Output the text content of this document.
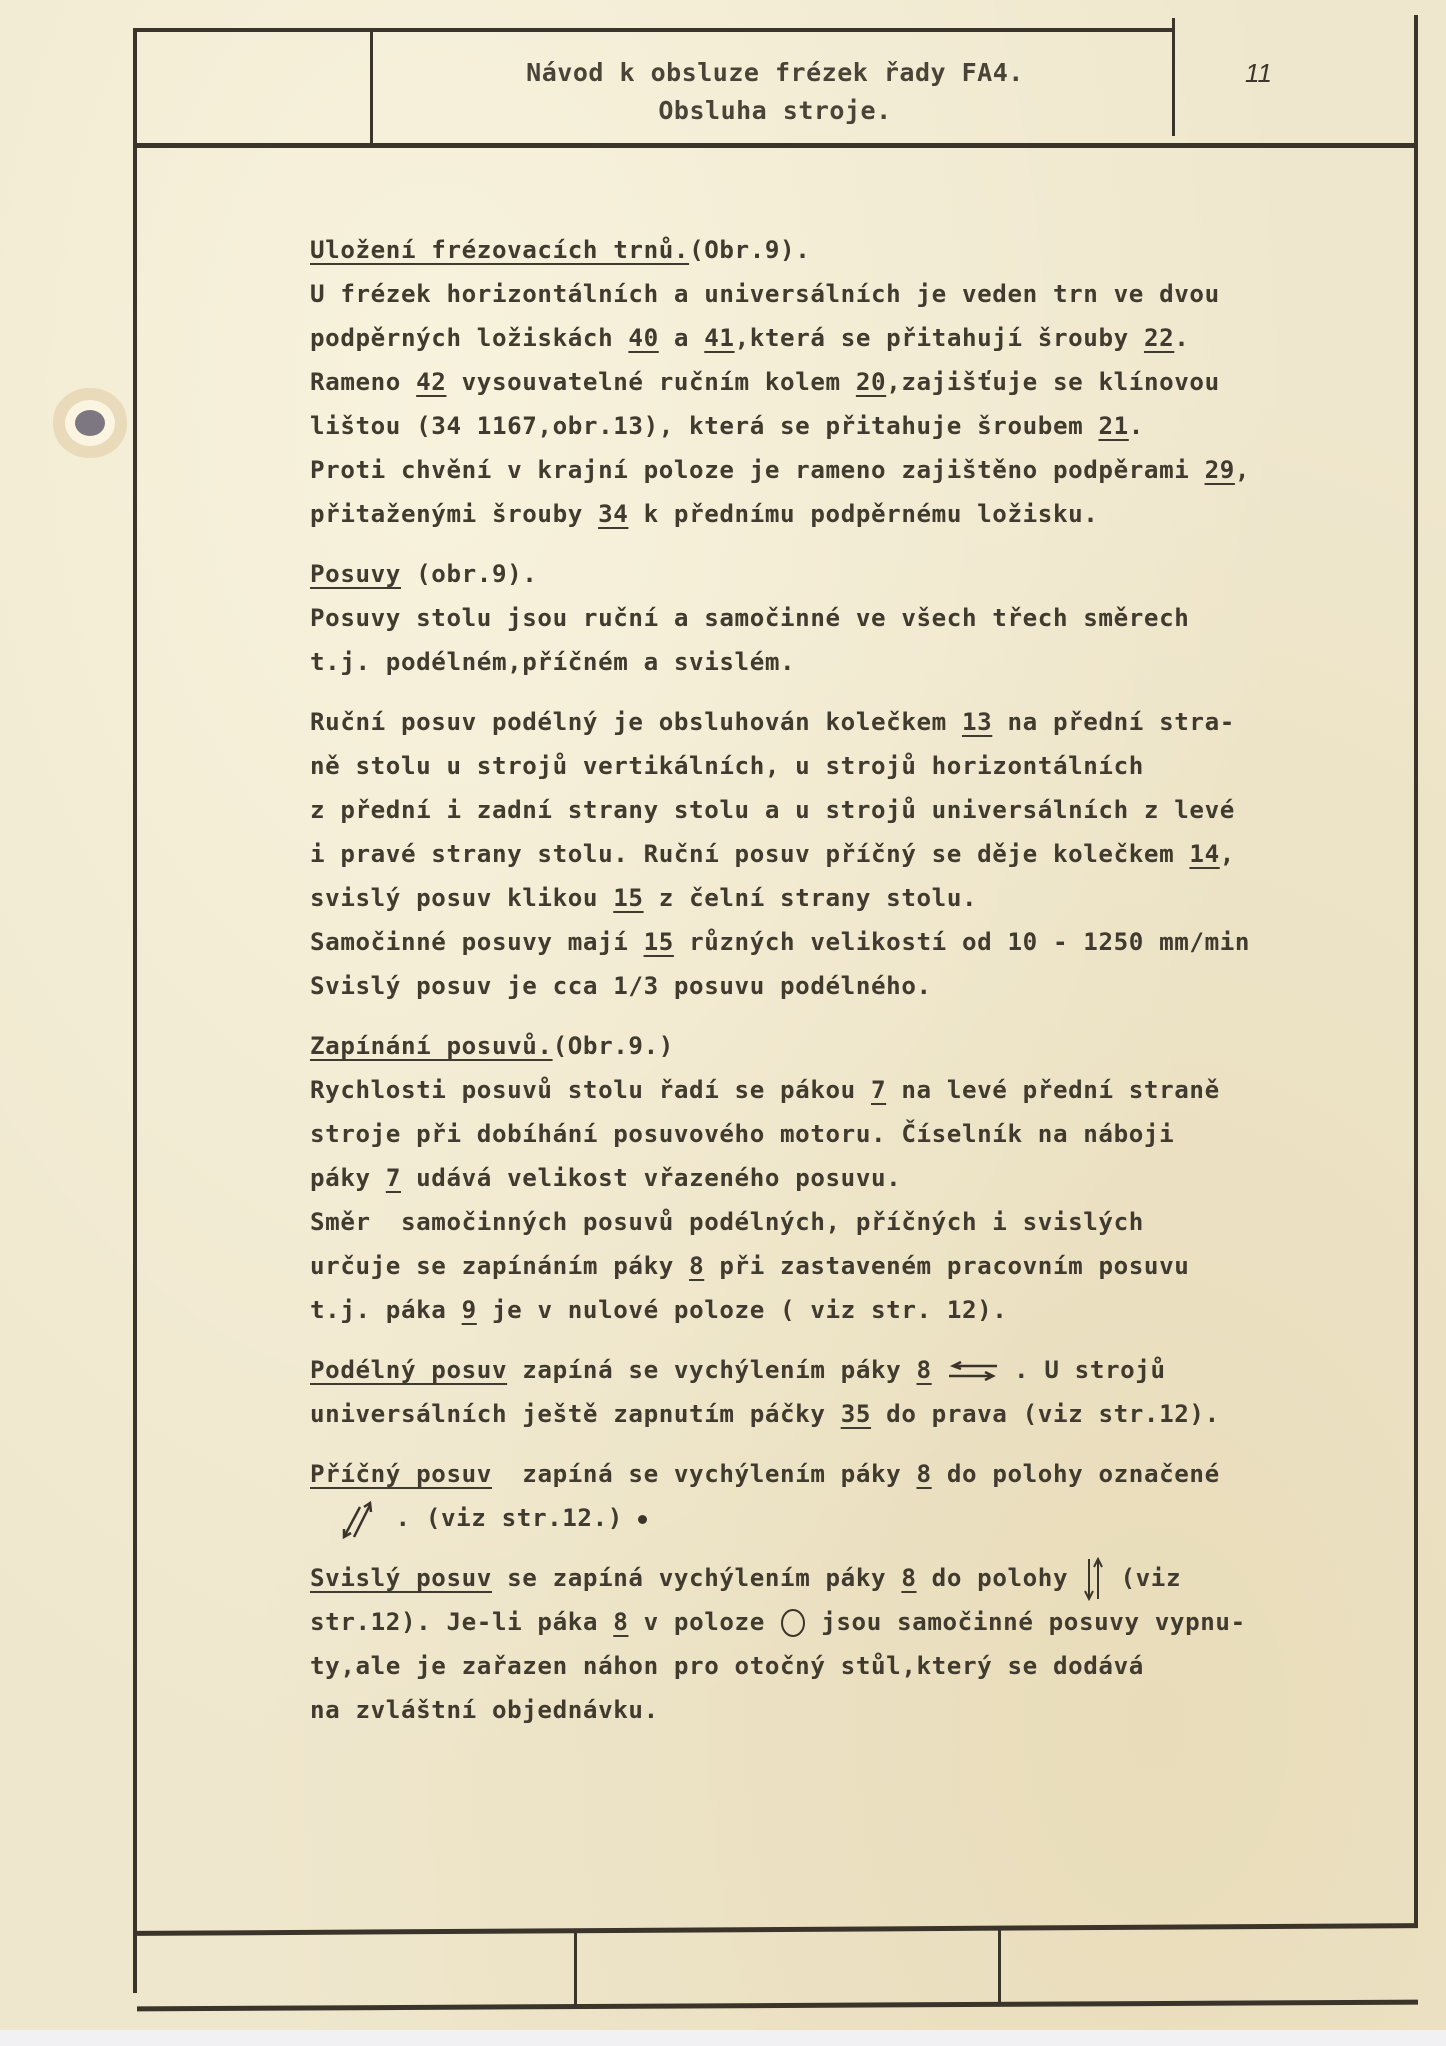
Návod k obsluze frézek řady FA4.
Obsluha stroje.
11
Uložení frézovacích trnů.(Obr.9).
U frézek horizontálních a universálních je veden trn ve dvou
podpěrných ložiskách 40 a 41,která se přitahují šrouby 22.
Rameno 42 vysouvatelné ručním kolem 20,zajišťuje se klínovou
lištou (34 1167,obr.13), která se přitahuje šroubem 21.
Proti chvění v krajní poloze je rameno zajištěno podpěrami 29,
přitaženými šrouby 34 k přednímu podpěrnému ložisku.
Posuvy (obr.9).
Posuvy stolu jsou ruční a samočinné ve všech třech směrech
t.j. podélném,příčném a svislém.
Ruční posuv podélný je obsluhován kolečkem 13 na přední stra-
ně stolu u strojů vertikálních, u strojů horizontálních
z přední i zadní strany stolu a u strojů universálních z levé
i pravé strany stolu. Ruční posuv příčný se děje kolečkem 14,
svislý posuv klikou 15 z čelní strany stolu.
Samočinné posuvy mají 15 různých velikostí od 10 - 1250 mm/min
Svislý posuv je cca 1/3 posuvu podélného.
Zapínání posuvů.(Obr.9.)
Rychlosti posuvů stolu řadí se pákou 7 na levé přední straně
stroje při dobíhání posuvového motoru. Číselník na náboji
páky 7 udává velikost vřazeného posuvu.
Směr  samočinných posuvů podélných, příčných i svislých
určuje se zapínáním páky 8 při zastaveném pracovním posuvu
t.j. páka 9 je v nulové poloze ( viz str. 12).
Podélný posuv zapíná se vychýlením páky 8	. U strojů
universálních ještě zapnutím páčky 35 do prava (viz str.12).
Příčný posuv  zapíná se vychýlením páky 8 do polohy označené
. (viz str.12.)
Svislý posuv se zapíná vychýlením páky 8 do polohy  (viz
str.12). Je-li páka 8 v poloze  jsou samočinné posuvy vypnu-
ty,ale je zařazen náhon pro otočný stůl,který se dodává
na zvláštní objednávku.
